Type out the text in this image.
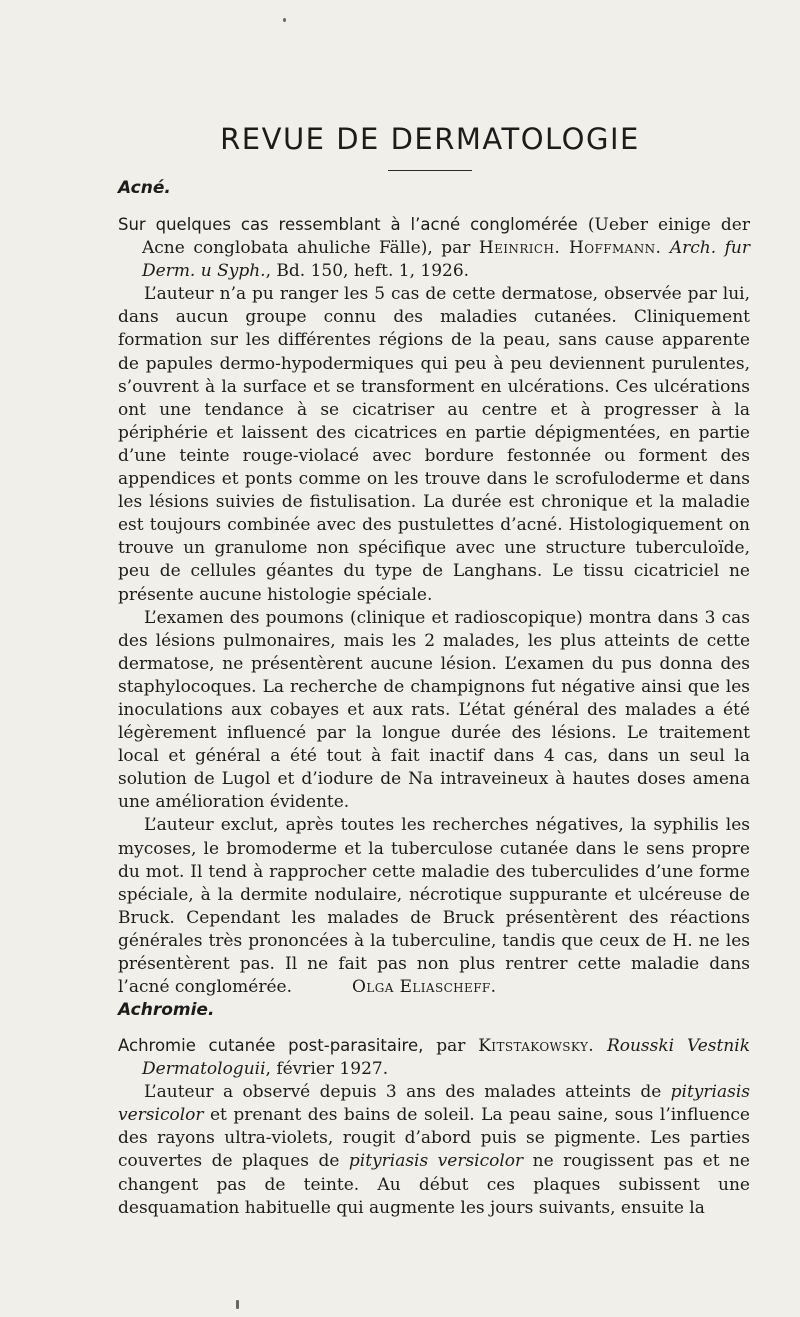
REVUE DE DERMATOLOGIE
Acné.

Sur quelques cas ressemblant à l’acné conglomérée (Ueber einige der Acne conglobata ahuliche Fälle), par Heinrich. Hoffmann. Arch. fur Derm. u Syph., Bd. 150, heft. 1, 1926.

L’auteur n’a pu ranger les 5 cas de cette dermatose, observée par lui, dans aucun groupe connu des maladies cutanées. Cliniquement formation sur les différentes régions de la peau, sans cause apparente de papules dermo-hypodermiques qui peu à peu deviennent purulentes, s’ouvrent à la surface et se transforment en ulcérations. Ces ulcérations ont une tendance à se cicatriser au centre et à progresser à la périphérie et laissent des cicatrices en partie dépigmentées, en partie d’une teinte rouge-violacé avec bordure festonnée ou forment des appendices et ponts comme on les trouve dans le scrofuloderme et dans les lésions suivies de fistulisation. La durée est chronique et la maladie est toujours combinée avec des pustulettes d’acné. Histologiquement on trouve un granulome non spécifique avec une structure tuberculoïde, peu de cellules géantes du type de Langhans. Le tissu cicatriciel ne présente aucune histologie spéciale.

L’examen des poumons (clinique et radioscopique) montra dans 3 cas des lésions pulmonaires, mais les 2 malades, les plus atteints de cette dermatose, ne présentèrent aucune lésion. L’examen du pus donna des staphylocoques. La recherche de champignons fut négative ainsi que les inoculations aux cobayes et aux rats. L’état général des malades a été légèrement influencé par la longue durée des lésions. Le traitement local et général a été tout à fait inactif dans 4 cas, dans un seul la solution de Lugol et d’iodure de Na intraveineux à hautes doses amena une amélioration évidente.

L’auteur exclut, après toutes les recherches négatives, la syphilis les mycoses, le bromoderme et la tuberculose cutanée dans le sens propre du mot. Il tend à rapprocher cette maladie des tuberculides d’une forme spéciale, à la dermite nodulaire, nécrotique suppurante et ulcéreuse de Bruck. Cependant les malades de Bruck présentèrent des réactions générales très prononcées à la tuberculine, tandis que ceux de H. ne les présentèrent pas. Il ne fait pas non plus rentrer cette maladie dans l’acné conglomérée.	Olga Eliascheff.

Achromie.

Achromie cutanée post-parasitaire, par Kitstakowsky. Rousski Vestnik Dermatologuii, février 1927.

L’auteur a observé depuis 3 ans des malades atteints de pityriasis versicolor et prenant des bains de soleil. La peau saine, sous l’influence des rayons ultra-violets, rougit d’abord puis se pigmente. Les parties couvertes de plaques de pityriasis versicolor ne rougissent pas et ne changent pas de teinte. Au début ces plaques subissent une desquamation habituelle qui augmente les jours suivants, ensuite la
